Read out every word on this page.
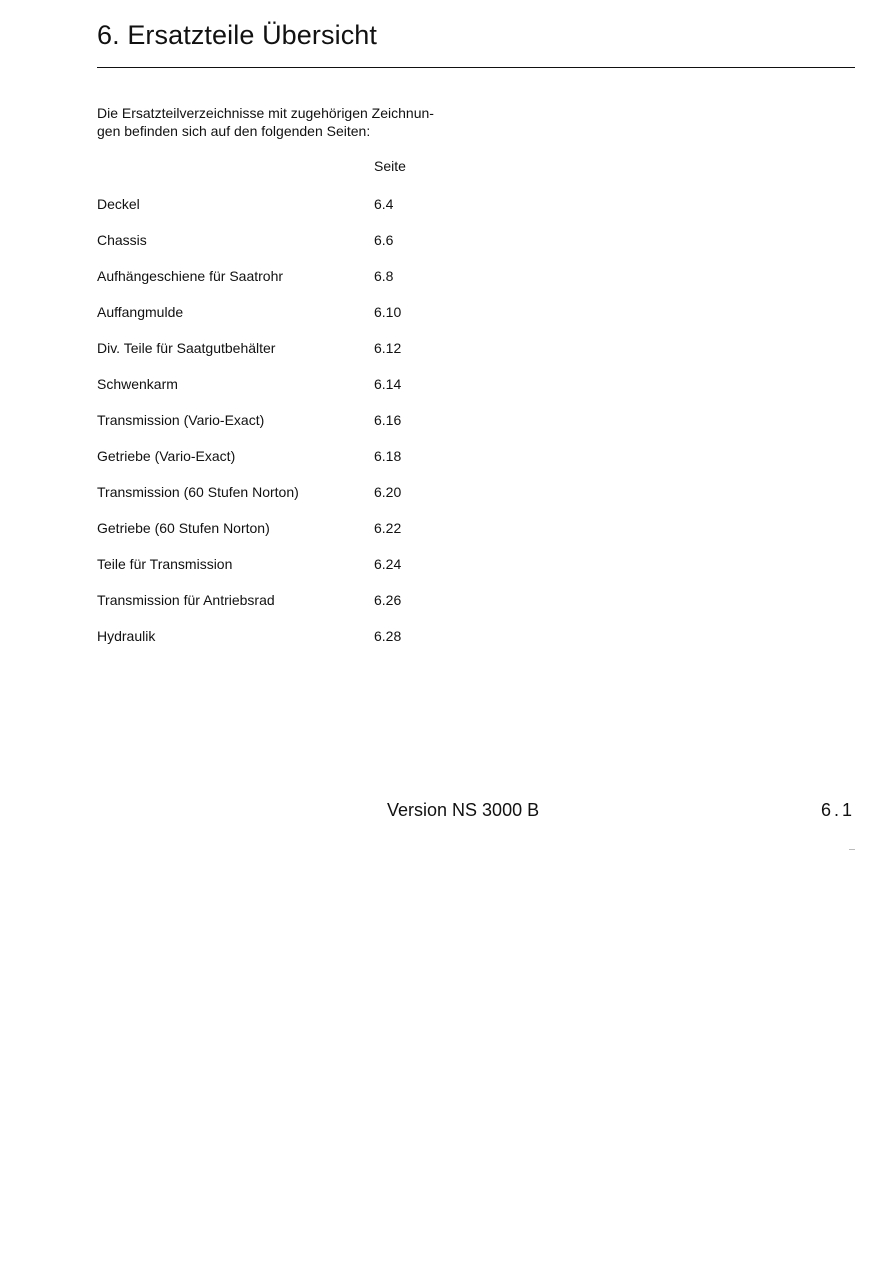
6. Ersatzteile Übersicht

Die Ersatzteilverzeichnisse mit zugehörigen Zeichnun-
gen befinden sich auf den folgenden Seiten:

Seite
Deckel	6.4
Chassis	6.6
Aufhängeschiene für Saatrohr	6.8
Auffangmulde	6.10
Div. Teile für Saatgutbehälter	6.12
Schwenkarm	6.14
Transmission (Vario-Exact)	6.16
Getriebe (Vario-Exact)	6.18
Transmission (60 Stufen Norton)	6.20
Getriebe (60 Stufen Norton)	6.22
Teile für Transmission	6.24
Transmission für Antriebsrad	6.26
Hydraulik	6.28
Version NS 3000 B	6.1
